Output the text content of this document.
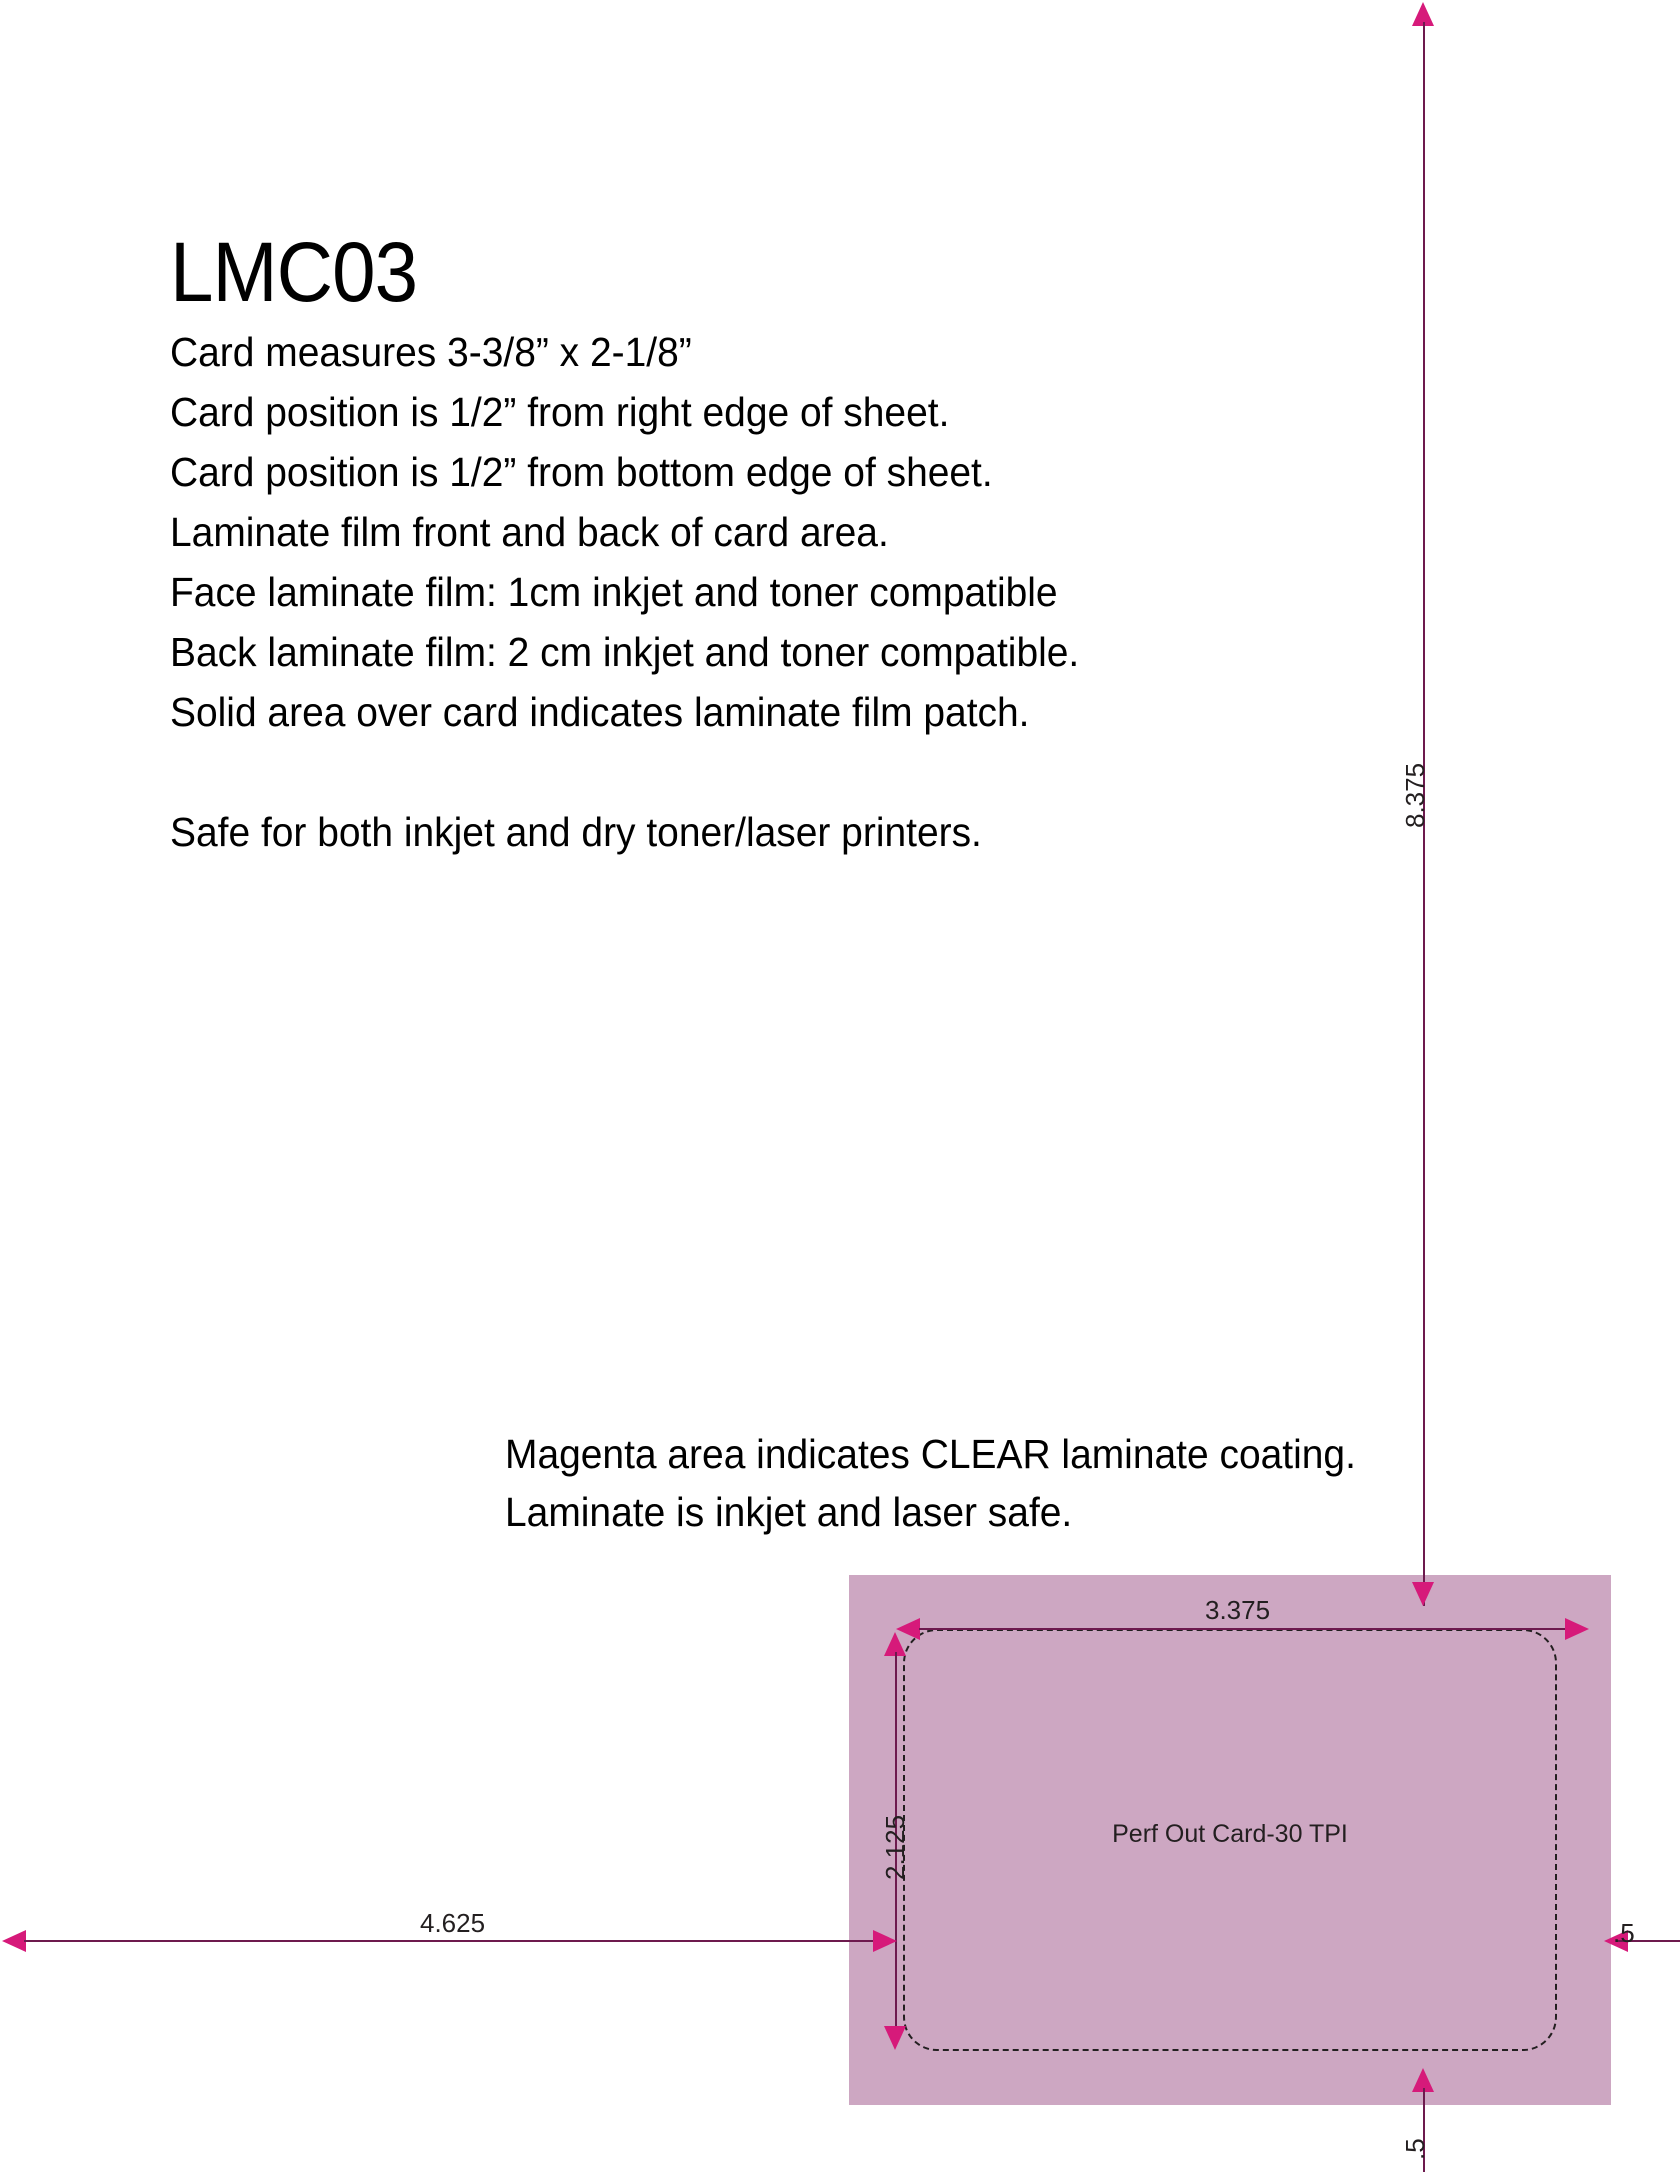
LMC03
Card measures 3-3/8” x 2-1/8”
Card position is 1/2” from right edge of sheet.
Card position is 1/2” from bottom edge of sheet.
Laminate film front and back of card area.
Face laminate film: 1cm inkjet and toner compatible
Back laminate film: 2 cm inkjet and toner compatible.
Solid area over card indicates laminate film patch.
Safe for both inkjet and dry toner/laser printers.
Magenta area indicates CLEAR laminate coating.
Laminate is inkjet and laser safe.
Perf Out Card-30 TPI
8.375
3.375
2.125
4.625	.5
.5
